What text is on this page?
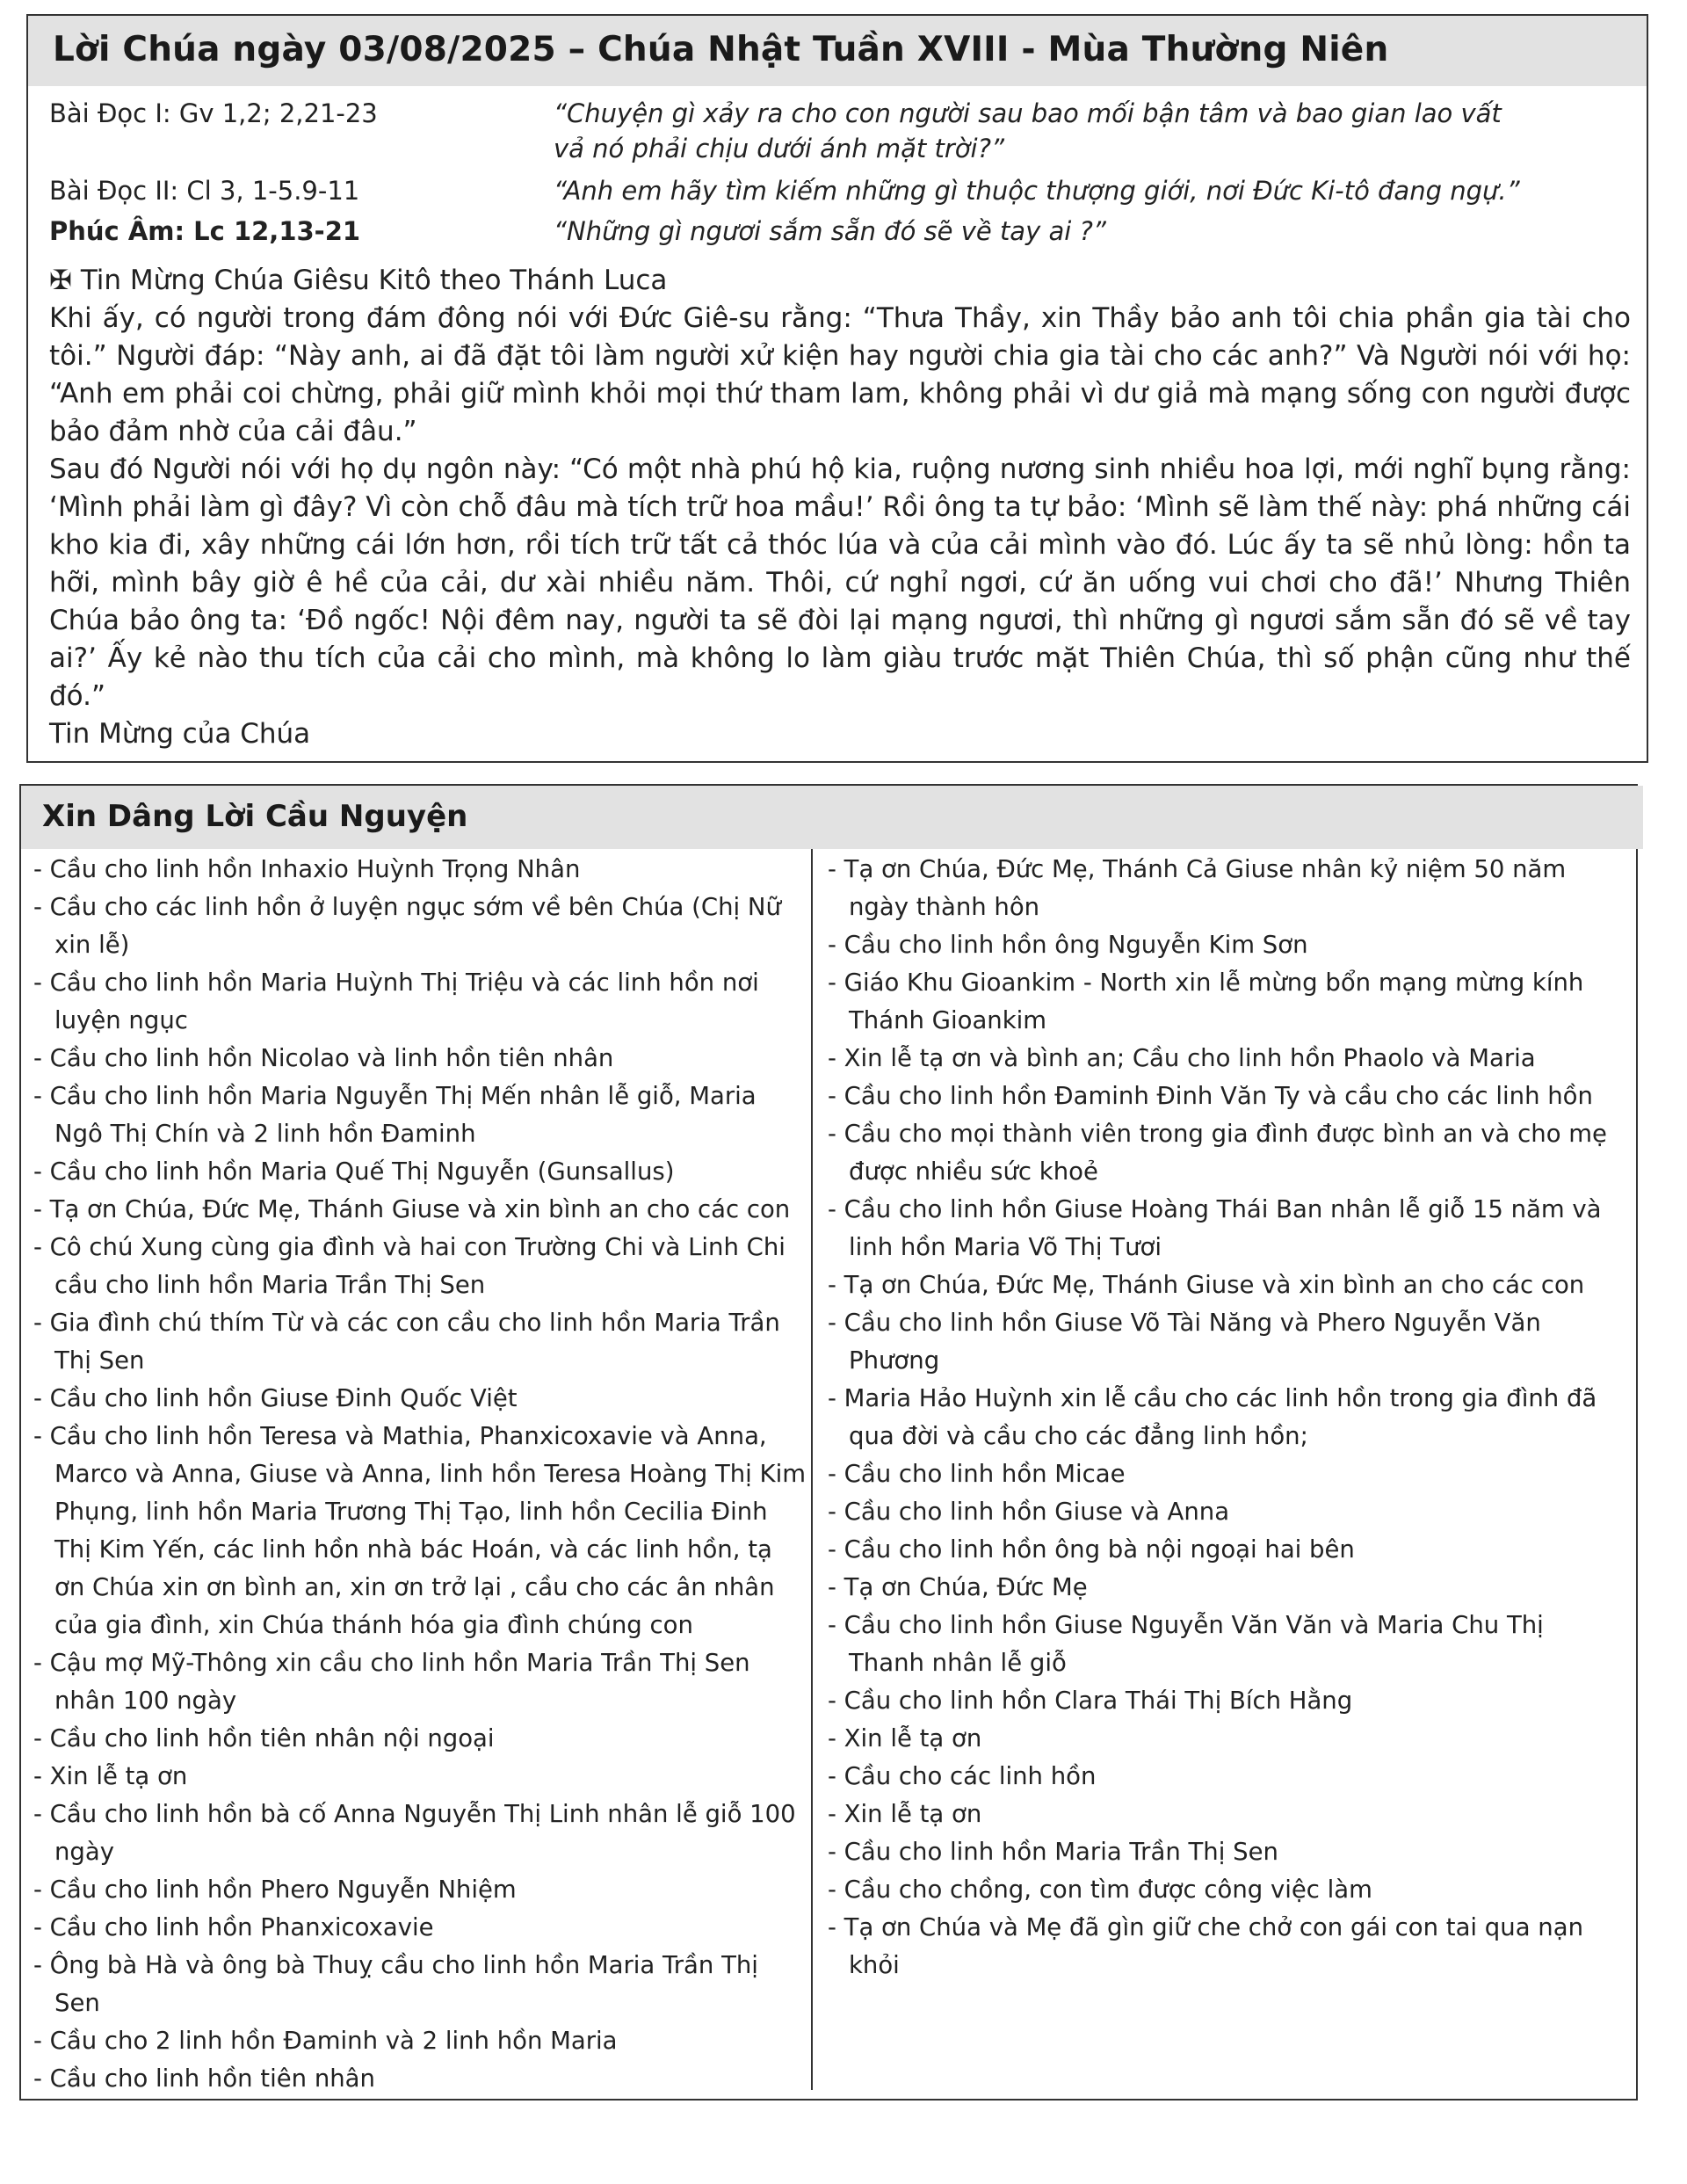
Lời Chúa ngày 03/08/2025 – Chúa Nhật Tuần XVIII - Mùa Thường Niên
Bài Đọc I: Gv 1,2; 2,21-23	“Chuyện gì xảy ra cho con người sau bao mối bận tâm và bao gian lao vất
vả nó phải chịu dưới ánh mặt trời?”
Bài Đọc II: Cl 3, 1-5.9-11	“Anh em hãy tìm kiếm những gì thuộc thượng giới, nơi Đức Ki-tô đang ngự.”
Phúc Âm: Lc 12,13-21	“Những gì ngươi sắm sẵn đó sẽ về tay ai ?”

✠ Tin Mừng Chúa Giêsu Kitô theo Thánh Luca

Khi ấy, có người trong đám đông nói với Đức Giê-su rằng: “Thưa Thầy, xin Thầy bảo anh tôi chia phần gia tài cho tôi.” Người đáp: “Này anh, ai đã đặt tôi làm người xử kiện hay người chia gia tài cho các anh?” Và Người nói với họ: “Anh em phải coi chừng, phải giữ mình khỏi mọi thứ tham lam, không phải vì dư giả mà mạng sống con người được bảo đảm nhờ của cải đâu.”

Sau đó Người nói với họ dụ ngôn này: “Có một nhà phú hộ kia, ruộng nương sinh nhiều hoa lợi, mới nghĩ bụng rằng: ‘Mình phải làm gì đây? Vì còn chỗ đâu mà tích trữ hoa mầu!’ Rồi ông ta tự bảo: ‘Mình sẽ làm thế này: phá những cái kho kia đi, xây những cái lớn hơn, rồi tích trữ tất cả thóc lúa và của cải mình vào đó. Lúc ấy ta sẽ nhủ lòng: hồn ta hỡi, mình bây giờ ê hề của cải, dư xài nhiều năm. Thôi, cứ nghỉ ngơi, cứ ăn uống vui chơi cho đã!’ Nhưng Thiên Chúa bảo ông ta: ‘Đồ ngốc! Nội đêm nay, người ta sẽ đòi lại mạng ngươi, thì những gì ngươi sắm sẵn đó sẽ về tay ai?’ Ấy kẻ nào thu tích của cải cho mình, mà không lo làm giàu trước mặt Thiên Chúa, thì số phận cũng như thế đó.”

Tin Mừng của Chúa

Xin Dâng Lời Cầu Nguyện
- Cầu cho linh hồn Inhaxio Huỳnh Trọng Nhân
- Cầu cho các linh hồn ở luyện ngục sớm về bên Chúa (Chị Nữ xin lễ)
- Cầu cho linh hồn Maria Huỳnh Thị Triệu và các linh hồn nơi luyện ngục
- Cầu cho linh hồn Nicolao và linh hồn tiên nhân
- Cầu cho linh hồn Maria Nguyễn Thị Mến nhân lễ giỗ, Maria Ngô Thị Chín và 2 linh hồn Đaminh
- Cầu cho linh hồn Maria Quế Thị Nguyễn (Gunsallus)
- Tạ ơn Chúa, Đức Mẹ, Thánh Giuse và xin bình an cho các con
- Cô chú Xung cùng gia đình và hai con Trường Chi và Linh Chi cầu cho linh hồn Maria Trần Thị Sen
- Gia đình chú thím Từ và các con cầu cho linh hồn Maria Trần Thị Sen
- Cầu cho linh hồn Giuse Đinh Quốc Việt
- Cầu cho linh hồn Teresa và Mathia, Phanxicoxavie và Anna, Marco và Anna, Giuse và Anna, linh hồn Teresa Hoàng Thị Kim Phụng, linh hồn Maria Trương Thị Tạo, linh hồn Cecilia Đinh Thị Kim Yến, các linh hồn nhà bác Hoán, và các linh hồn, tạ ơn Chúa xin ơn bình an, xin ơn trở lại , cầu cho các ân nhân của gia đình, xin Chúa thánh hóa gia đình chúng con
- Cậu mợ Mỹ-Thông xin cầu cho linh hồn Maria Trần Thị Sen nhân 100 ngày
- Cầu cho linh hồn tiên nhân nội ngoại
- Xin lễ tạ ơn
- Cầu cho linh hồn bà cố Anna Nguyễn Thị Linh nhân lễ giỗ 100 ngày
- Cầu cho linh hồn Phero Nguyễn Nhiệm
- Cầu cho linh hồn Phanxicoxavie
- Ông bà Hà và ông bà Thuỵ cầu cho linh hồn Maria Trần Thị Sen
- Cầu cho 2 linh hồn Đaminh và 2 linh hồn Maria
- Cầu cho linh hồn tiên nhân
- Tạ ơn Chúa, Đức Mẹ, Thánh Cả Giuse nhân kỷ niệm 50 năm ngày thành hôn
- Cầu cho linh hồn ông Nguyễn Kim Sơn
- Giáo Khu Gioankim - North xin lễ mừng bổn mạng mừng kính Thánh Gioankim
- Xin lễ tạ ơn và bình an; Cầu cho linh hồn Phaolo và Maria
- Cầu cho linh hồn Đaminh Đinh Văn Ty và cầu cho các linh hồn
- Cầu cho mọi thành viên trong gia đình được bình an và cho mẹ được nhiều sức khoẻ
- Cầu cho linh hồn Giuse Hoàng Thái Ban nhân lễ giỗ 15 năm và linh hồn Maria Võ Thị Tươi
- Tạ ơn Chúa, Đức Mẹ, Thánh Giuse và xin bình an cho các con
- Cầu cho linh hồn Giuse Võ Tài Năng và Phero Nguyễn Văn Phương
- Maria Hảo Huỳnh xin lễ cầu cho các linh hồn trong gia đình đã qua đời và cầu cho các đẳng linh hồn;
- Cầu cho linh hồn Micae
- Cầu cho linh hồn Giuse và Anna
- Cầu cho linh hồn ông bà nội ngoại hai bên
- Tạ ơn Chúa, Đức Mẹ
- Cầu cho linh hồn Giuse Nguyễn Văn Văn và Maria Chu Thị Thanh nhân lễ giỗ
- Cầu cho linh hồn Clara Thái Thị Bích Hằng
- Xin lễ tạ ơn
- Cầu cho các linh hồn
- Xin lễ tạ ơn
- Cầu cho linh hồn Maria Trần Thị Sen
- Cầu cho chồng, con tìm được công việc làm
- Tạ ơn Chúa và Mẹ đã gìn giữ che chở con gái con tai qua nạn khỏi
